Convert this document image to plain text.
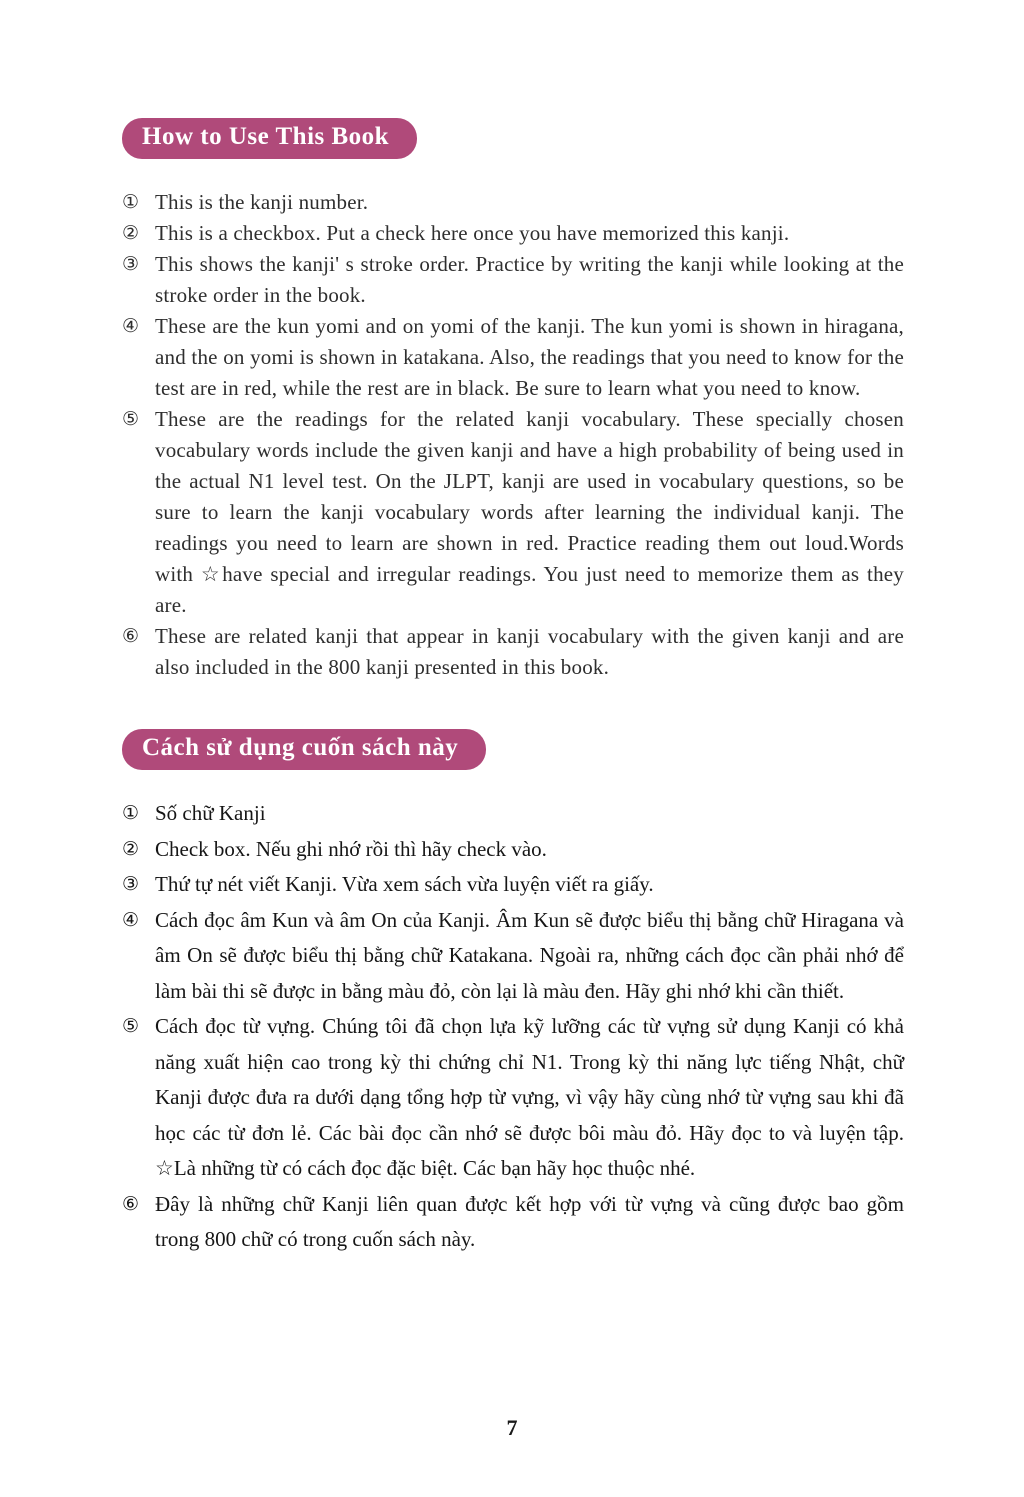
How to Use This Book
① This is the kanji number.
② This is a checkbox. Put a check here once you have memorized this kanji.
③ This shows the kanji' s stroke order. Practice by writing the kanji while looking at the stroke order in the book.
④ These are the kun yomi and on yomi of the kanji. The kun yomi is shown in hiragana, and the on yomi is shown in katakana. Also, the readings that you need to know for the test are in red, while the rest are in black. Be sure to learn what you need to know.
⑤ These are the readings for the related kanji vocabulary. These specially chosen vocabulary words include the given kanji and have a high probability of being used in the actual N1 level test. On the JLPT, kanji are used in vocabulary questions, so be sure to learn the kanji vocabulary words after learning the individual kanji. The readings you need to learn are shown in red. Practice reading them out loud.Words with ☆have special and irregular readings. You just need to memorize them as they are.
⑥ These are related kanji that appear in kanji vocabulary with the given kanji and are also included in the 800 kanji presented in this book.
Cách sử dụng cuốn sách này
① Số chữ Kanji
② Check box. Nếu ghi nhớ rồi thì hãy check vào.
③ Thứ tự nét viết Kanji. Vừa xem sách vừa luyện viết ra giấy.
④ Cách đọc âm Kun và âm On của Kanji. Âm Kun sẽ được biểu thị bằng chữ Hiragana và âm On sẽ được biểu thị bằng chữ Katakana. Ngoài ra, những cách đọc cần phải nhớ để làm bài thi sẽ được in bằng màu đỏ, còn lại là màu đen. Hãy ghi nhớ khi cần thiết.
⑤ Cách đọc từ vựng. Chúng tôi đã chọn lựa kỹ lưỡng các từ vựng sử dụng Kanji có khả năng xuất hiện cao trong kỳ thi chứng chỉ N1. Trong kỳ thi năng lực tiếng Nhật, chữ Kanji được đưa ra dưới dạng tổng hợp từ vựng, vì vậy hãy cùng nhớ từ vựng sau khi đã học các từ đơn lẻ. Các bài đọc cần nhớ sẽ được bôi màu đỏ. Hãy đọc to và luyện tập. ☆Là những từ có cách đọc đặc biệt. Các bạn hãy học thuộc nhé.
⑥ Đây là những chữ Kanji liên quan được kết hợp với từ vựng và cũng được bao gồm trong 800 chữ có trong cuốn sách này.
7
